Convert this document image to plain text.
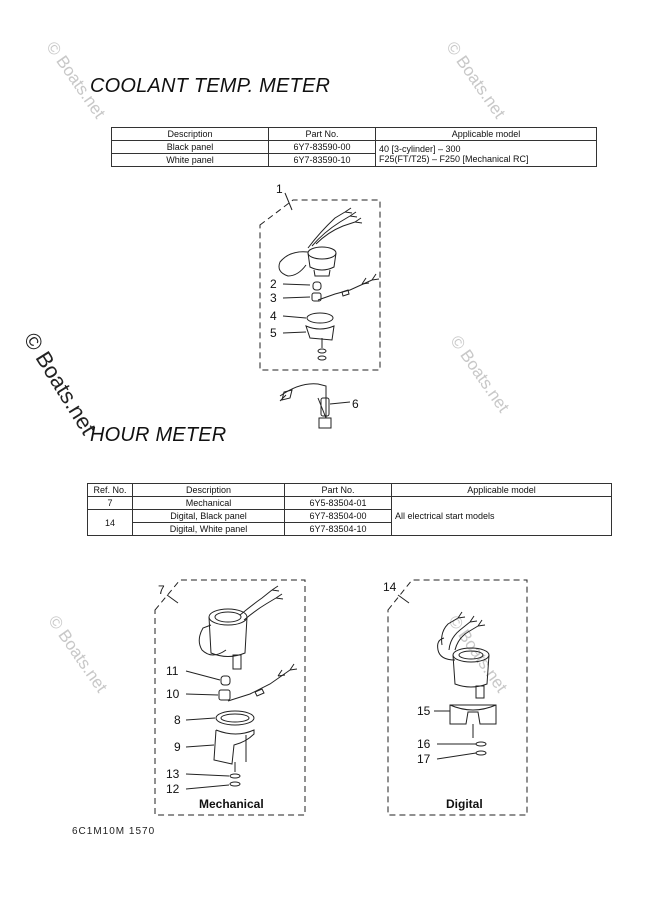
© Boats.net	© Boats.net
© Boats.net
© Boats.net	© Boats.net
© Boats.net
COOLANT TEMP. METER
HOUR METER
Description	Part No.	Applicable model
Black panel	6Y7-83590-00	40 [3-cylinder] – 300
F25(FT/T25) – F250 [Mechanical RC]

White panel	6Y7-83590-10	
Ref. No.	Description	Part No.	Applicable model
7	Mechanical	6Y5-83504-01	All electrical start models
14	Digital, Black panel	6Y7-83504-00	
	Digital, White panel	6Y7-83504-10	
1
2
3
4
5
6
7
11
10
8
9
13
12
14
15
16
17
Mechanical	Digital
6C1M10M 1570
